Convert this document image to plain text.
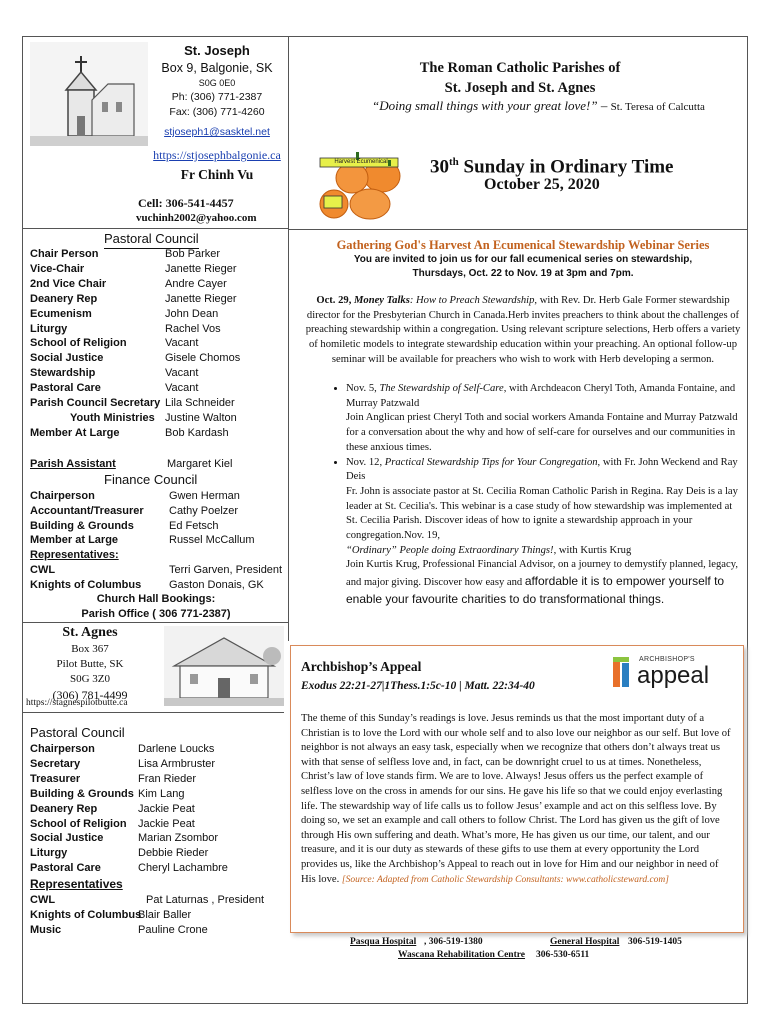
St. Joseph
Box 9, Balgonie, SK
S0G 0E0
Ph: (306) 771-2387
Fax: (306) 771-4260
stjoseph1@sasktel.net
https://stjosephbalgonie.ca
Fr Chinh Vu
Cell: 306-541-4457
vuchinh2002@yahoo.com
The Roman Catholic Parishes of
St. Joseph and St. Agnes
“Doing small things with your great love!” – St. Teresa of Calcutta
Harvest Ecumenical	30th Sunday in Ordinary Time
October 25, 2020
Pastoral Council
Chair Person	Bob Parker
Vice-Chair	Janette Rieger
2nd Vice Chair	Andre Cayer
Deanery Rep	Janette Rieger
Ecumenism	John Dean
Liturgy	Rachel Vos
School of Religion	Vacant
Social Justice	Gisele Chomos
Stewardship	Vacant
Pastoral Care	Vacant
Parish Council Secretary Lila Schneider
Youth Ministries Justine Walton
Member At Large	Bob Kardash
Parish Assistant	Margaret Kiel
Finance Council
Chairperson	Gwen Herman
Accountant/Treasurer Cathy Poelzer
Building & Grounds	Ed Fetsch
Member at Large	Russel McCallum
Representatives:
CWL	Terri Garven, President
Knights of Columbus	Gaston Donais, GK
Church Hall Bookings:
Parish Office ( 306 771-2387)
St. Agnes
Box 367
Pilot Butte, SK
S0G 3Z0
(306) 781-4499
https://stagnespilotbutte.ca
Pastoral Council
Chairperson	Darlene Loucks
Secretary	Lisa Armbruster
Treasurer	Fran Rieder
Building & Grounds Kim Lang
Deanery Rep	Jackie Peat
School of Religion Jackie Peat
Social Justice	Marian Zsombor
Liturgy	Debbie Rieder
Pastoral Care	Cheryl Lachambre
Representatives
CWL	Pat Laturnas , President
Knights of Columbus
Blair Baller
Music	Pauline Crone
Gathering God's Harvest An Ecumenical Stewardship Webinar Series
You are invited to join us for our fall ecumenical series on stewardship,
Thursdays, Oct. 22 to Nov. 19 at 3pm and 7pm.
Oct. 29, Money Talks: How to Preach Stewardship, with Rev. Dr. Herb Gale Former stewardship director for the Presbyterian Church in Canada.Herb invites preachers to think about the challenges of preaching stewardship within a congregation. Using relevant scripture selections, Herb offers a variety of homiletic models to integrate stewardship education within your preaching. An optional follow-up seminar will be available for preachers who wish to work with Herb developing a sermon.
• Nov. 5, The Stewardship of Self-Care, with Archdeacon Cheryl Toth, Amanda Fontaine, and Murray Patzwald
Join Anglican priest Cheryl Toth and social workers Amanda Fontaine and Murray Patzwald for a conversation about the why and how of self-care for ourselves and our communities in these anxious times.
• Nov. 12, Practical Stewardship Tips for Your Congregation, with Fr. John Weckend and Ray Deis
Fr. John is associate pastor at St. Cecilia Roman Catholic Parish in Regina. Ray Deis is a lay leader at St. Cecilia's. This webinar is a case study of how stewardship was implemented at St. Cecilia Parish. Discover ideas of how to ignite a stewardship approach in your congregation.Nov. 19,
“Ordinary” People doing Extraordinary Things!, with Kurtis Krug
Join Kurtis Krug, Professional Financial Advisor, on a journey to demystify planned, legacy, and major giving. Discover how easy and affordable it is to empower yourself to enable your favourite charities to do transformational things.
Archbishop’s Appeal
Exodus 22:21-27|1Thess.1:5c-10 | Matt. 22:34-40
ARCHBISHOP'S
appeal
The theme of this Sunday’s readings is love. Jesus reminds us that the most important duty of a Christian is to love the Lord with our whole self and to also love our neighbor as our self. But love of neighbor is not always an easy task, especially when we recognize that others don’t always treat us with that sense of selfless love and, in fact, can be downright cruel to us at times. Nonetheless, Christ’s law of love stands firm. We are to love. Always! Jesus offers us the perfect example of selfless love on the cross in amends for our sins. He gave his life so that we could enjoy everlasting life. The stewardship way of life calls us to follow Jesus’ example and act on this selfless love. By doing so, we set an example and call others to follow Christ. The Lord has given us the gift of love through His own suffering and death. What’s more, He has given us our time, our talent, and our treasure, and it is our duty as stewards of these gifts to use them at every opportunity the Lord provides us, like the Archbishop’s Appeal to reach out in love for Him and our neighbor in need of His love. [Source: Adapted from Catholic Stewardship Consultants: www.catholicsteward.com]
Pasqua Hospital , 306-519-1380	General Hospital 306-519-1405
Wascana Rehabilitation Centre 306-530-6511
